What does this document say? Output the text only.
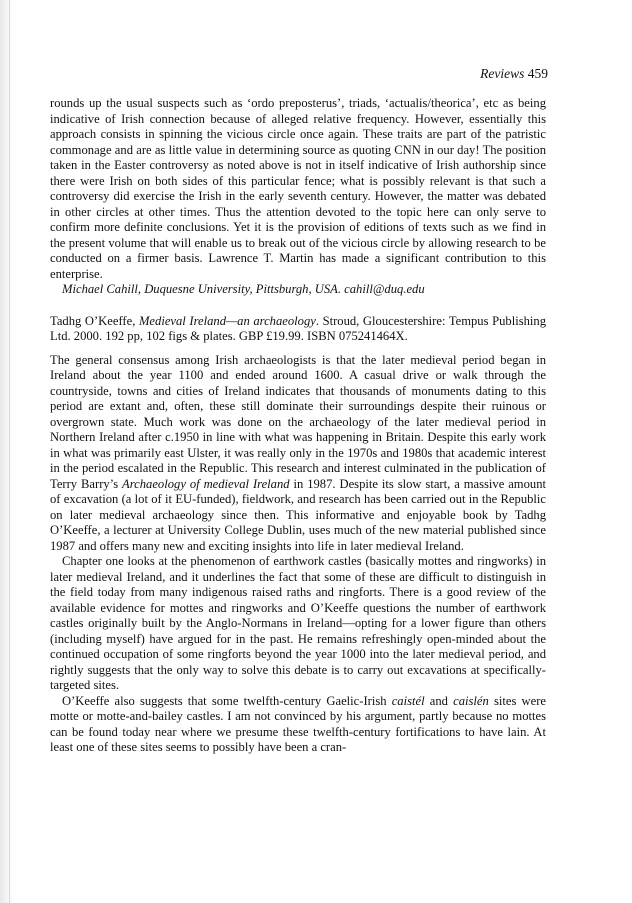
Reviews 459

rounds up the usual suspects such as ‘ordo preposterus’, triads, ‘actualis/theorica’, etc as being indicative of Irish connection because of alleged relative frequency. However, essentially this approach consists in spinning the vicious circle once again. These traits are part of the patristic commonage and are as little value in determining source as quoting CNN in our day! The position taken in the Easter controversy as noted above is not in itself indicative of Irish authorship since there were Irish on both sides of this particular fence; what is possibly relevant is that such a controversy did exercise the Irish in the early seventh century. However, the matter was debated in other circles at other times. Thus the attention devoted to the topic here can only serve to confirm more definite conclusions. Yet it is the provision of editions of texts such as we find in the present volume that will enable us to break out of the vicious circle by allowing research to be conducted on a firmer basis. Lawrence T. Martin has made a significant contribution to this enterprise.

Michael Cahill, Duquesne University, Pittsburgh, USA. cahill@duq.edu

Tadhg O’Keeffe, Medieval Ireland—an archaeology. Stroud, Gloucestershire: Tempus Publishing Ltd. 2000. 192 pp, 102 figs & plates. GBP £19.99. ISBN 075241464X.

The general consensus among Irish archaeologists is that the later medieval period began in Ireland about the year 1100 and ended around 1600. A casual drive or walk through the countryside, towns and cities of Ireland indicates that thousands of monuments dating to this period are extant and, often, these still dominate their surroundings despite their ruinous or overgrown state. Much work was done on the archaeology of the later medieval period in Northern Ireland after c.1950 in line with what was happening in Britain. Despite this early work in what was primarily east Ulster, it was really only in the 1970s and 1980s that academic interest in the period escalated in the Republic. This research and interest culminated in the publication of Terry Barry’s Archaeology of medieval Ireland in 1987. Despite its slow start, a massive amount of excavation (a lot of it EU-funded), fieldwork, and research has been carried out in the Republic on later medieval archaeology since then. This informative and enjoyable book by Tadhg O’Keeffe, a lecturer at University College Dublin, uses much of the new material published since 1987 and offers many new and exciting insights into life in later medieval Ireland.

Chapter one looks at the phenomenon of earthwork castles (basically mottes and ringworks) in later medieval Ireland, and it underlines the fact that some of these are difficult to distinguish in the field today from many indigenous raised raths and ringforts. There is a good review of the available evidence for mottes and ringworks and O’Keeffe questions the number of earthwork castles originally built by the Anglo-Normans in Ireland—opting for a lower figure than others (including myself) have argued for in the past. He remains refreshingly open-minded about the continued occupation of some ringforts beyond the year 1000 into the later medieval period, and rightly suggests that the only way to solve this debate is to carry out excavations at specifically-targeted sites.

O’Keeffe also suggests that some twelfth-century Gaelic-Irish caistél and caislén sites were motte or motte-and-bailey castles. I am not convinced by his argument, partly because no mottes can be found today near where we presume these twelfth-century fortifications to have lain. At least one of these sites seems to possibly have been a cran-
